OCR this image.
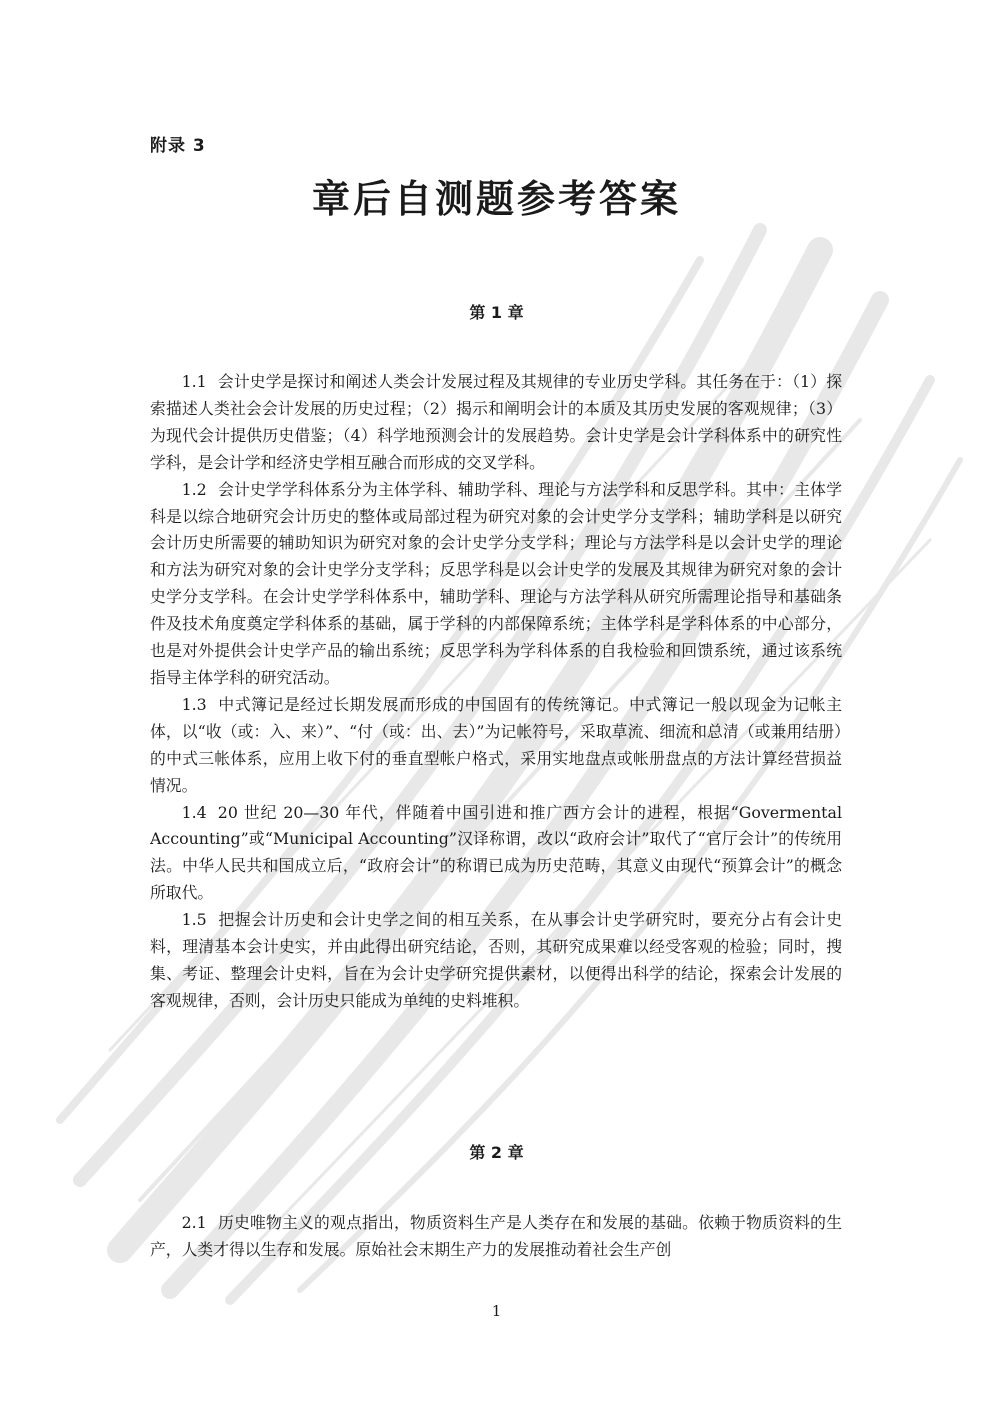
附录 3
章后自测题参考答案
第 1 章

1.1 会计史学是探讨和阐述人类会计发展过程及其规律的专业历史学科。其任务在于：（1）探索描述人类社会会计发展的历史过程；（2）揭示和阐明会计的本质及其历史发展的客观规律；（3）为现代会计提供历史借鉴；（4）科学地预测会计的发展趋势。会计史学是会计学科体系中的研究性学科，是会计学和经济史学相互融合而形成的交叉学科。

1.2 会计史学学科体系分为主体学科、辅助学科、理论与方法学科和反思学科。其中：主体学科是以综合地研究会计历史的整体或局部过程为研究对象的会计史学分支学科；辅助学科是以研究会计历史所需要的辅助知识为研究对象的会计史学分支学科；理论与方法学科是以会计史学的理论和方法为研究对象的会计史学分支学科；反思学科是以会计史学的发展及其规律为研究对象的会计史学分支学科。在会计史学学科体系中，辅助学科、理论与方法学科从研究所需理论指导和基础条件及技术角度奠定学科体系的基础，属于学科的内部保障系统；主体学科是学科体系的中心部分，也是对外提供会计史学产品的输出系统；反思学科为学科体系的自我检验和回馈系统，通过该系统指导主体学科的研究活动。

1.3 中式簿记是经过长期发展而形成的中国固有的传统簿记。中式簿记一般以现金为记帐主体，以“收（或：入、来）”、“付（或：出、去）”为记帐符号，采取草流、细流和总清（或兼用结册）的中式三帐体系，应用上收下付的垂直型帐户格式，采用实地盘点或帐册盘点的方法计算经营损益情况。

1.4 20 世纪 20—30 年代，伴随着中国引进和推广西方会计的进程，根据“Govermental Accounting”或“Municipal Accounting”汉译称谓，改以“政府会计”取代了“官厅会计”的传统用法。中华人民共和国成立后，“政府会计”的称谓已成为历史范畴，其意义由现代“预算会计”的概念所取代。

1.5 把握会计历史和会计史学之间的相互关系，在从事会计史学研究时，要充分占有会计史料，理清基本会计史实，并由此得出研究结论，否则，其研究成果难以经受客观的检验；同时，搜集、考证、整理会计史料，旨在为会计史学研究提供素材，以便得出科学的结论，探索会计发展的客观规律，否则，会计历史只能成为单纯的史料堆积。

第 2 章

2.1 历史唯物主义的观点指出，物质资料生产是人类存在和发展的基础。依赖于物质资料的生产，人类才得以生存和发展。原始社会末期生产力的发展推动着社会生产创

1
